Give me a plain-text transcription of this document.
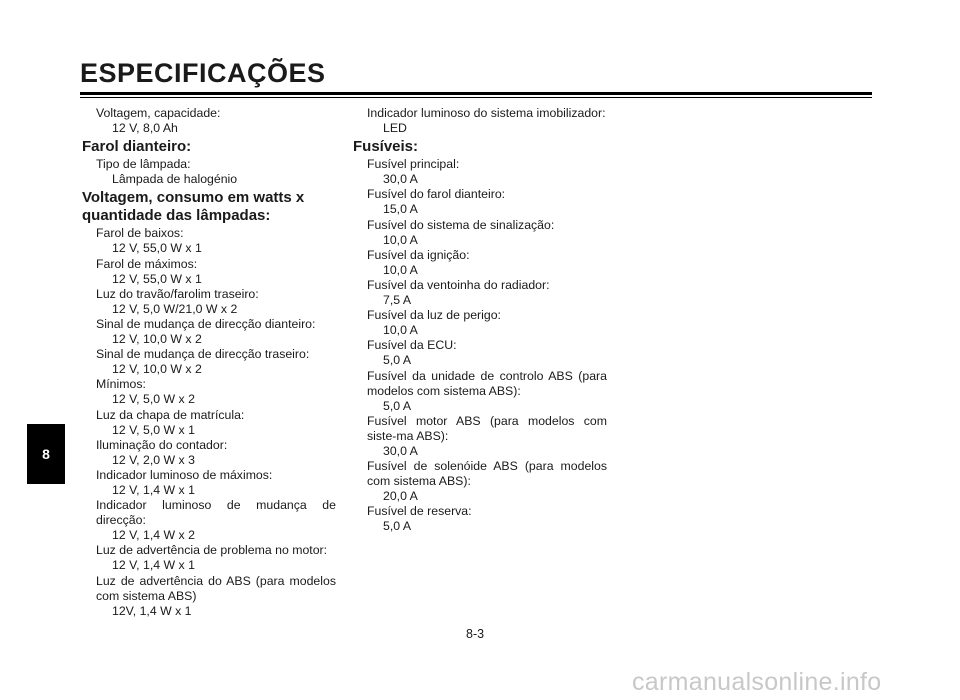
ESPECIFICAÇÕES
8
Voltagem, capacidade:
12 V, 8,0 Ah
Farol dianteiro:
Tipo de lâmpada:
Lâmpada de halogénio
Voltagem, consumo em watts x
quantidade das lâmpadas:
Farol de baixos:
12 V, 55,0 W x 1
Farol de máximos:
12 V, 55,0 W x 1
Luz do travão/farolim traseiro:
12 V, 5,0 W/21,0 W x 2
Sinal de mudança de direcção dianteiro:
12 V, 10,0 W x 2
Sinal de mudança de direcção traseiro:
12 V, 10,0 W x 2
Mínimos:
12 V, 5,0 W x 2
Luz da chapa de matrícula:
12 V, 5,0 W x 1
Iluminação do contador:
12 V, 2,0 W x 3
Indicador luminoso de máximos:
12 V, 1,4 W x 1
Indicador luminoso de mudança de direcção:
12 V, 1,4 W x 2
Luz de advertência de problema no motor:
12 V, 1,4 W x 1
Luz de advertência do ABS (para modelos com sistema ABS)
12V, 1,4 W x 1
Indicador luminoso do sistema imobilizador:
LED
Fusíveis:
Fusível principal:
30,0 A
Fusível do farol dianteiro:
15,0 A
Fusível do sistema de sinalização:
10,0 A
Fusível da ignição:
10,0 A
Fusível da ventoinha do radiador:
7,5 A
Fusível da luz de perigo:
10,0 A
Fusível da ECU:
5,0 A
Fusível da unidade de controlo ABS (para modelos com sistema ABS):
5,0 A
Fusível motor ABS (para modelos com siste-ma ABS):
30,0 A
Fusível de solenóide ABS (para modelos com sistema ABS):
20,0 A
Fusível de reserva:
5,0 A
8-3
carmanualsonline.info
